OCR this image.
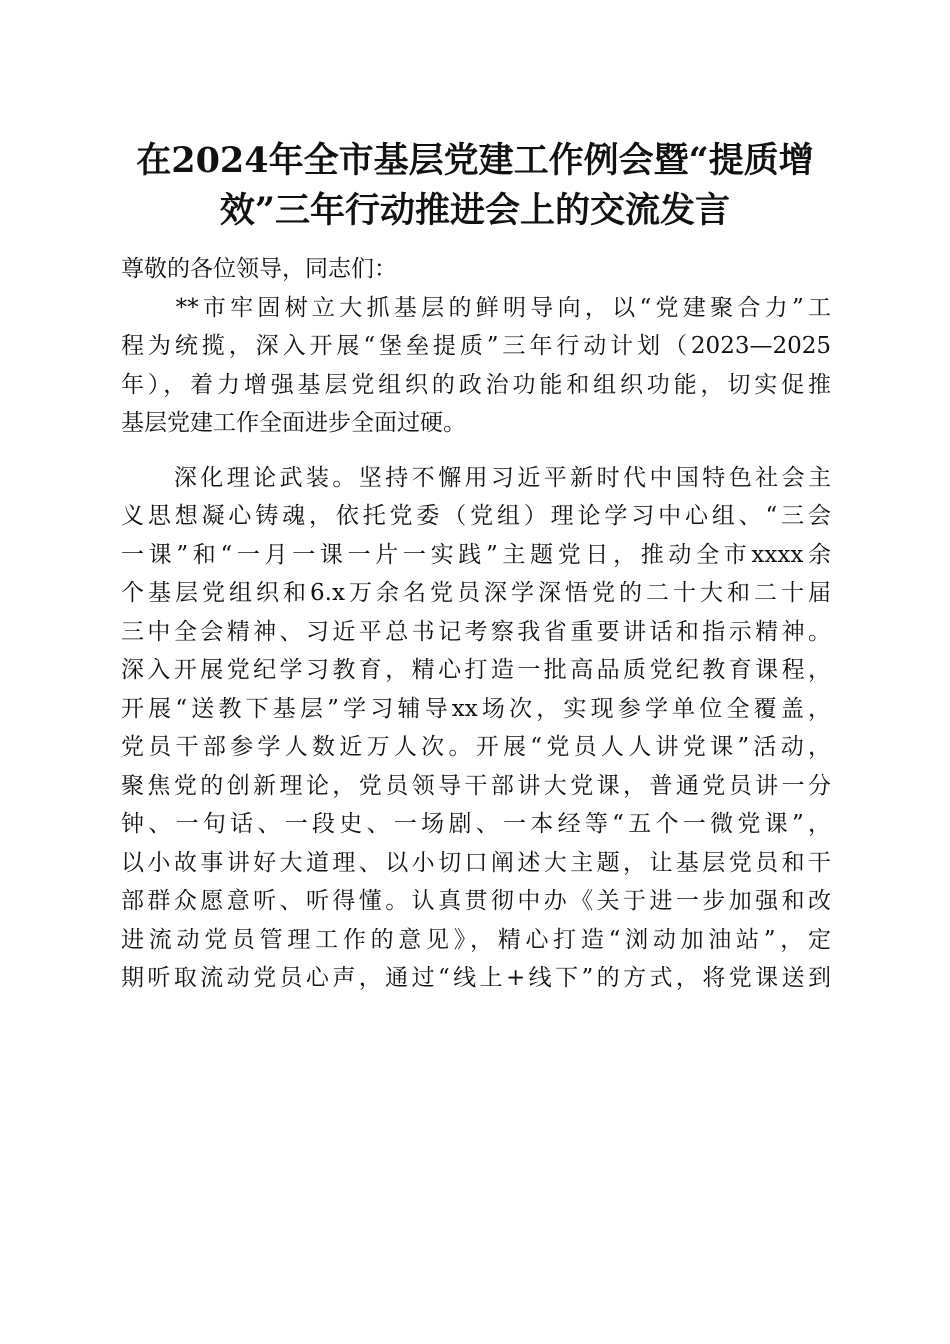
在2024年全市基层党建工作例会暨“提质增
效”三年行动推进会上的交流发言
尊敬的各位领导，同志们：
　　**市牢固树立大抓基层的鲜明导向，以“党建聚合力”工
程为统揽，深入开展“堡垒提质”三年行动计划（2023—2025
年），着力增强基层党组织的政治功能和组织功能，切实促推
基层党建工作全面进步全面过硬。
　　深化理论武装。坚持不懈用习近平新时代中国特色社会主
义思想凝心铸魂，依托党委（党组）理论学习中心组、“三会
一课”和“一月一课一片一实践”主题党日，推动全市xxxx余
个基层党组织和6.x万余名党员深学深悟党的二十大和二十届
三中全会精神、习近平总书记考察我省重要讲话和指示精神。
深入开展党纪学习教育，精心打造一批高品质党纪教育课程，
开展“送教下基层”学习辅导xx场次，实现参学单位全覆盖，
党员干部参学人数近万人次。开展“党员人人讲党课”活动，
聚焦党的创新理论，党员领导干部讲大党课，普通党员讲一分
钟、一句话、一段史、一场剧、一本经等“五个一微党课”，
以小故事讲好大道理、以小切口阐述大主题，让基层党员和干
部群众愿意听、听得懂。认真贯彻中办《关于进一步加强和改
进流动党员管理工作的意见》，精心打造“浏动加油站”，定
期听取流动党员心声，通过“线上+线下”的方式，将党课送到
